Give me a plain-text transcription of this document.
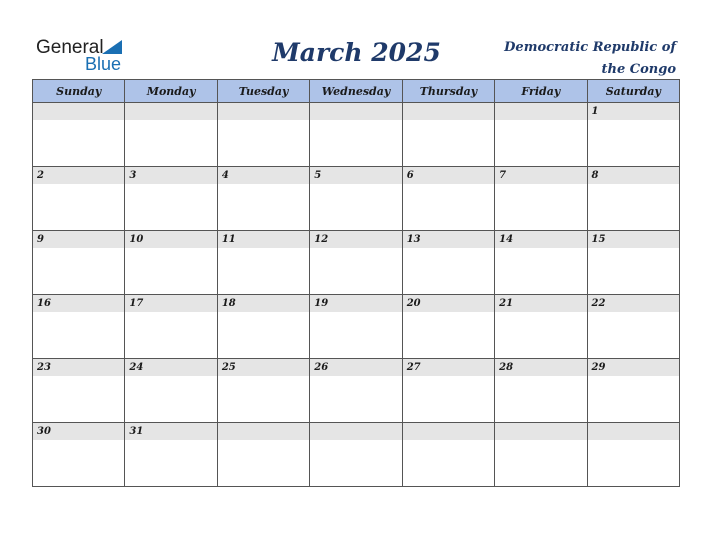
General
Blue	March 2025	Democratic Republic of
the Congo
Sunday	Monday	Tuesday	Wednesday	Thursday	Friday	Saturday

						1

2	3	4	5	6	7	8

9	10	11	12	13	14	15

16	17	18	19	20	21	22

23	24	25	26	27	28	29

30	31					
